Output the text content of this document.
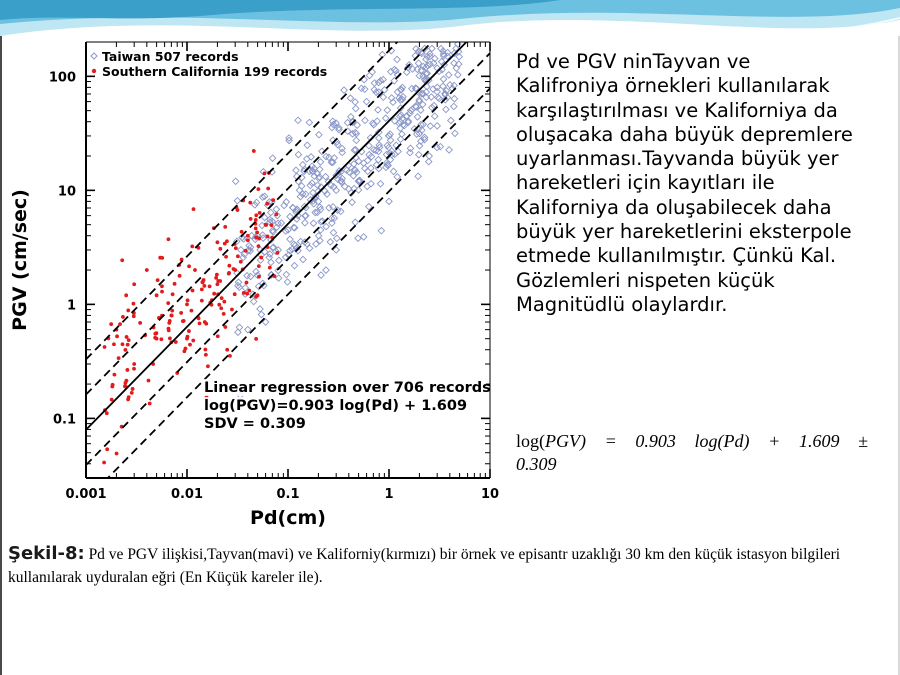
0.001	0.01	0.1	1	10
0.1
1
10
100
Pd(cm)
PGV (cm/sec)
Taiwan 507 records
Southern California 199 records
Linear regression over 706 records
log(PGV)=0.903 log(Pd) + 1.609
SDV = 0.309
Pd ve PGV ninTayvan ve Kalifroniya örnekleri kullanılarak karşılaştırılması ve Kaliforniya da oluşacaka daha büyük depremlere uyarlanması.Tayvanda büyük yer hareketleri için kayıtları ile Kaliforniya da oluşabilecek daha büyük yer hareketlerini eksterpole etmede kullanılmıştır. Çünkü Kal. Gözlemleri nispeten küçük Magnitüdlü olaylardır.
log(PGV) = 0.903 log(Pd) + 1.609 ±
0.309
Şekil-8: Pd ve PGV ilişkisi,Tayvan(mavi) ve Kaliforniy(kırmızı) bir örnek ve episantr uzaklığı 30 km den küçük istasyon bilgileri kullanılarak uyduralan eğri (En Küçük kareler ile).
